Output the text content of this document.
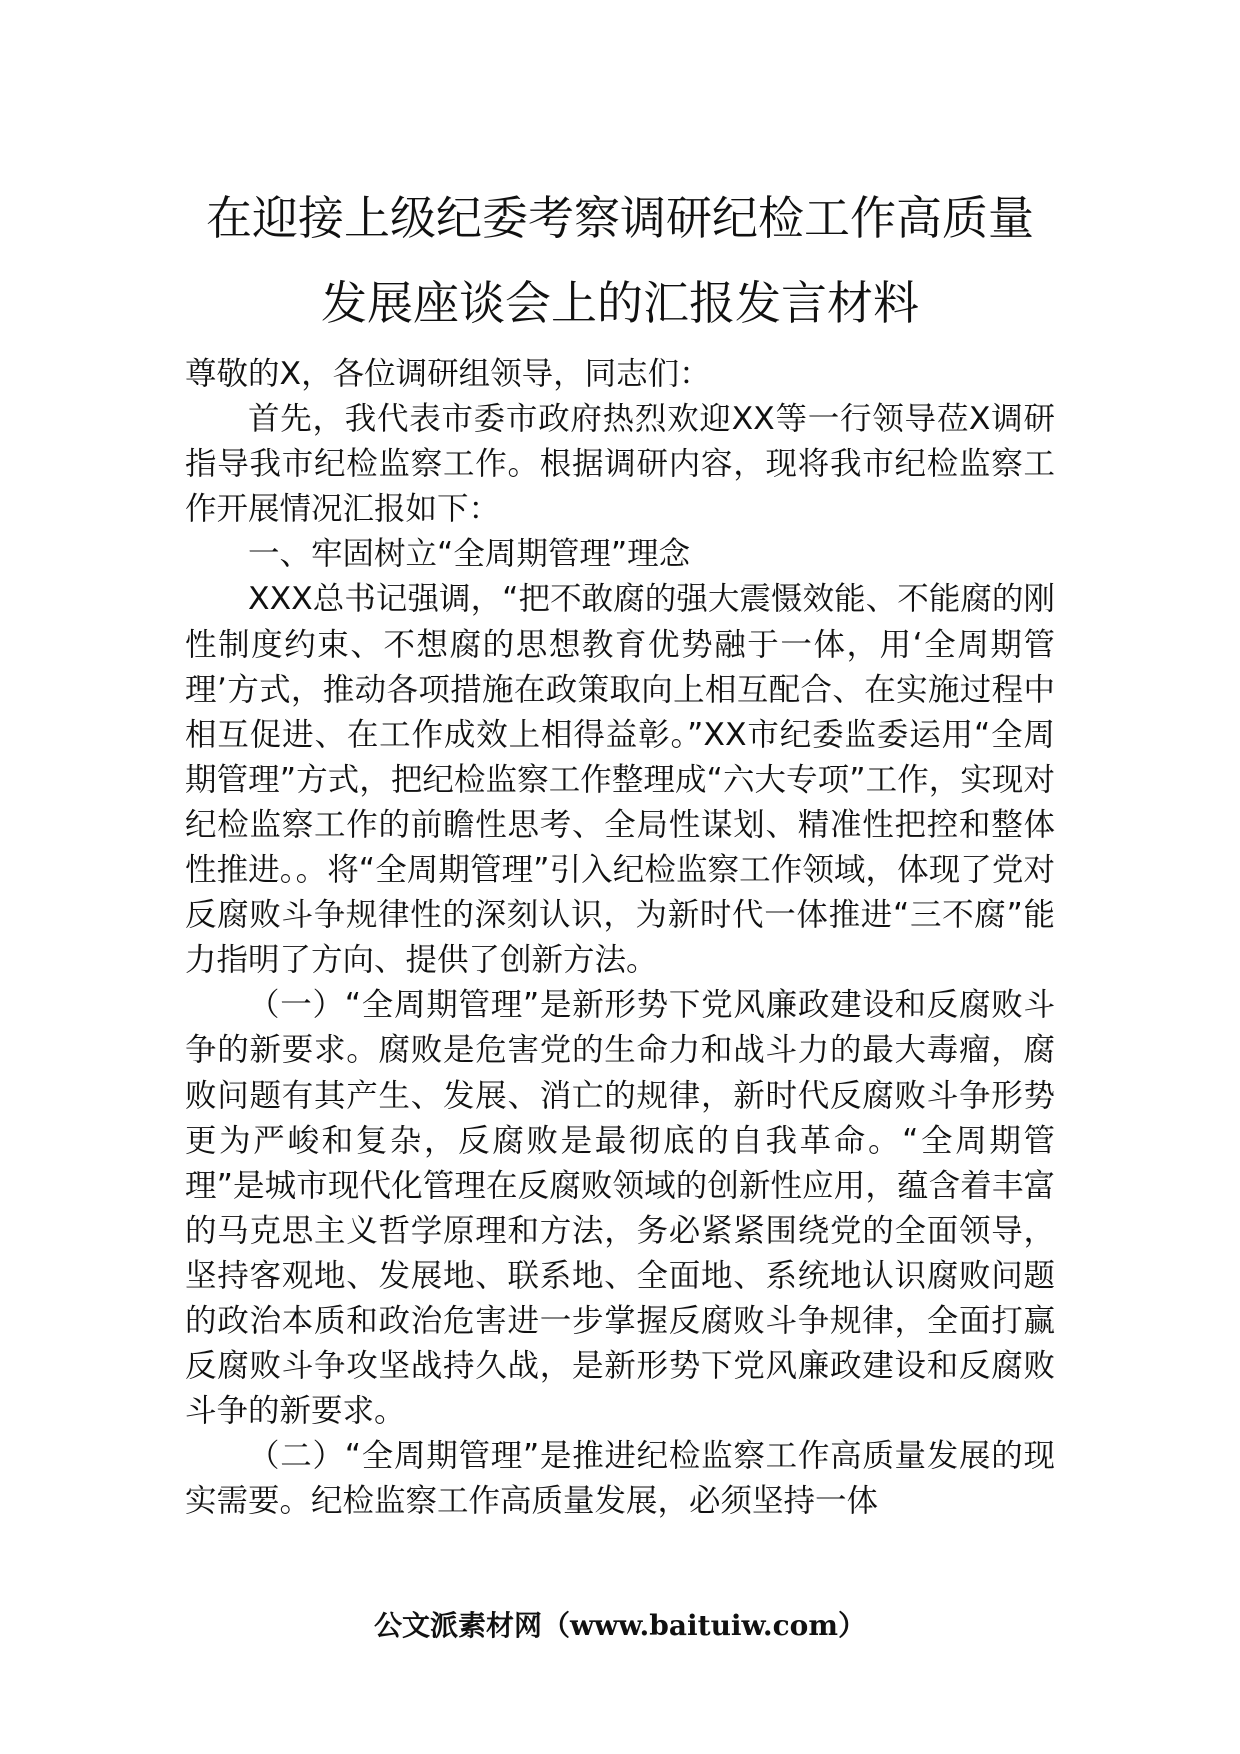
在迎接上级纪委考察调研纪检工作高质量
发展座谈会上的汇报发言材料

尊敬的X，各位调研组领导，同志们：

首先，我代表市委市政府热烈欢迎XX等一行领导莅X调研指导我市纪检监察工作。根据调研内容，现将我市纪检监察工作开展情况汇报如下：

一、牢固树立“全周期管理”理念

XXX总书记强调，“把不敢腐的强大震慑效能、不能腐的刚性制度约束、不想腐的思想教育优势融于一体，用‘全周期管理’方式，推动各项措施在政策取向上相互配合、在实施过程中相互促进、在工作成效上相得益彰。”XX市纪委监委运用“全周期管理”方式，把纪检监察工作整理成“六大专项”工作，实现对纪检监察工作的前瞻性思考、全局性谋划、精准性把控和整体性推进。。将“全周期管理”引入纪检监察工作领域，体现了党对反腐败斗争规律性的深刻认识，为新时代一体推进“三不腐”能力指明了方向、提供了创新方法。

（一）“全周期管理”是新形势下党风廉政建设和反腐败斗争的新要求。腐败是危害党的生命力和战斗力的最大毒瘤，腐败问题有其产生、发展、消亡的规律，新时代反腐败斗争形势更为严峻和复杂，反腐败是最彻底的自我革命。“全周期管理”是城市现代化管理在反腐败领域的创新性应用，蕴含着丰富的马克思主义哲学原理和方法，务必紧紧围绕党的全面领导，坚持客观地、发展地、联系地、全面地、系统地认识腐败问题的政治本质和政治危害进一步掌握反腐败斗争规律，全面打赢反腐败斗争攻坚战持久战，是新形势下党风廉政建设和反腐败斗争的新要求。

（二）“全周期管理”是推进纪检监察工作高质量发展的现实需要。纪检监察工作高质量发展，必须坚持一体

公文派素材网（www.baituiw.com）
